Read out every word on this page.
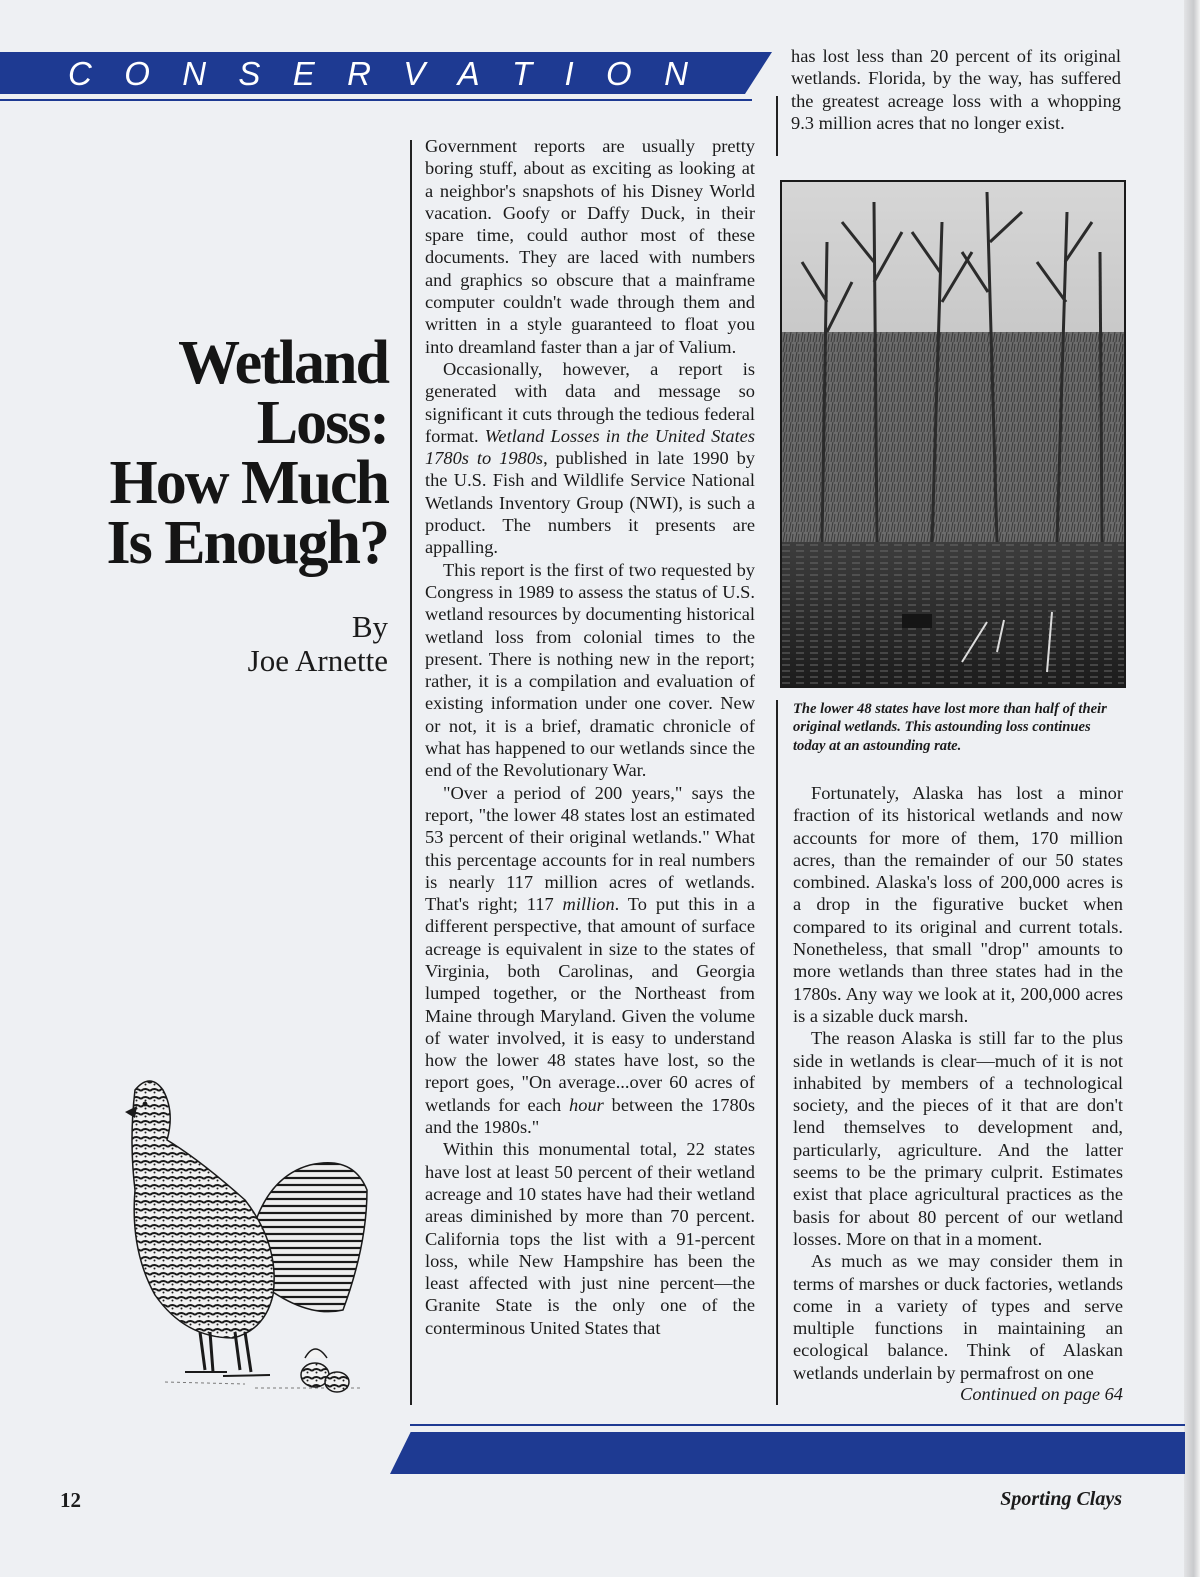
C O N S E R V A T I O N
Wetland
Loss:
How Much
Is Enough?
By
Joe Arnette

Government reports are usually pretty boring stuff, about as exciting as looking at a neighbor's snapshots of his Disney World vacation. Goofy or Daffy Duck, in their spare time, could author most of these documents. They are laced with numbers and graphics so obscure that a mainframe computer couldn't wade through them and written in a style guaranteed to float you into dreamland faster than a jar of Valium.

Occasionally, however, a report is generated with data and message so significant it cuts through the tedious federal format. Wetland Losses in the United States 1780s to 1980s, published in late 1990 by the U.S. Fish and Wildlife Service National Wetlands Inventory Group (NWI), is such a product. The numbers it presents are appalling.

This report is the first of two requested by Congress in 1989 to assess the status of U.S. wetland resources by documenting historical wetland loss from colonial times to the present. There is nothing new in the report; rather, it is a compilation and evaluation of existing information under one cover. New or not, it is a brief, dramatic chronicle of what has happened to our wetlands since the end of the Revolutionary War.

"Over a period of 200 years," says the report, "the lower 48 states lost an estimated 53 percent of their original wetlands." What this percentage accounts for in real numbers is nearly 117 million acres of wetlands. That's right; 117 million. To put this in a different perspective, that amount of surface acreage is equivalent in size to the states of Virginia, both Carolinas, and Georgia lumped together, or the Northeast from Maine through Maryland. Given the volume of water involved, it is easy to understand how the lower 48 states have lost, so the report goes, "On average...over 60 acres of wetlands for each hour between the 1780s and the 1980s."

Within this monumental total, 22 states have lost at least 50 percent of their wetland acreage and 10 states have had their wetland areas diminished by more than 70 percent. California tops the list with a 91-percent loss, while New Hampshire has been the least affected with just nine percent—the Granite State is the only one of the conterminous United States that

has lost less than 20 percent of its original wetlands. Florida, by the way, has suffered the greatest acreage loss with a whopping 9.3 million acres that no longer exist.

The lower 48 states have lost more than half of their original wetlands. This astounding loss continues today at an astounding rate.

Fortunately, Alaska has lost a minor fraction of its historical wetlands and now accounts for more of them, 170 million acres, than the remainder of our 50 states combined. Alaska's loss of 200,000 acres is a drop in the figurative bucket when compared to its original and current totals. Nonetheless, that small "drop" amounts to more wetlands than three states had in the 1780s. Any way we look at it, 200,000 acres is a sizable duck marsh.

The reason Alaska is still far to the plus side in wetlands is clear—much of it is not inhabited by members of a technological society, and the pieces of it that are don't lend themselves to development and, particularly, agriculture. And the latter seems to be the primary culprit. Estimates exist that place agricultural practices as the basis for about 80 percent of our wetland losses. More on that in a moment.

As much as we may consider them in terms of marshes or duck factories, wetlands come in a variety of types and serve multiple functions in maintaining an ecological balance. Think of Alaskan wetlands underlain by permafrost on one

Continued on page 64
12	Sporting Clays
